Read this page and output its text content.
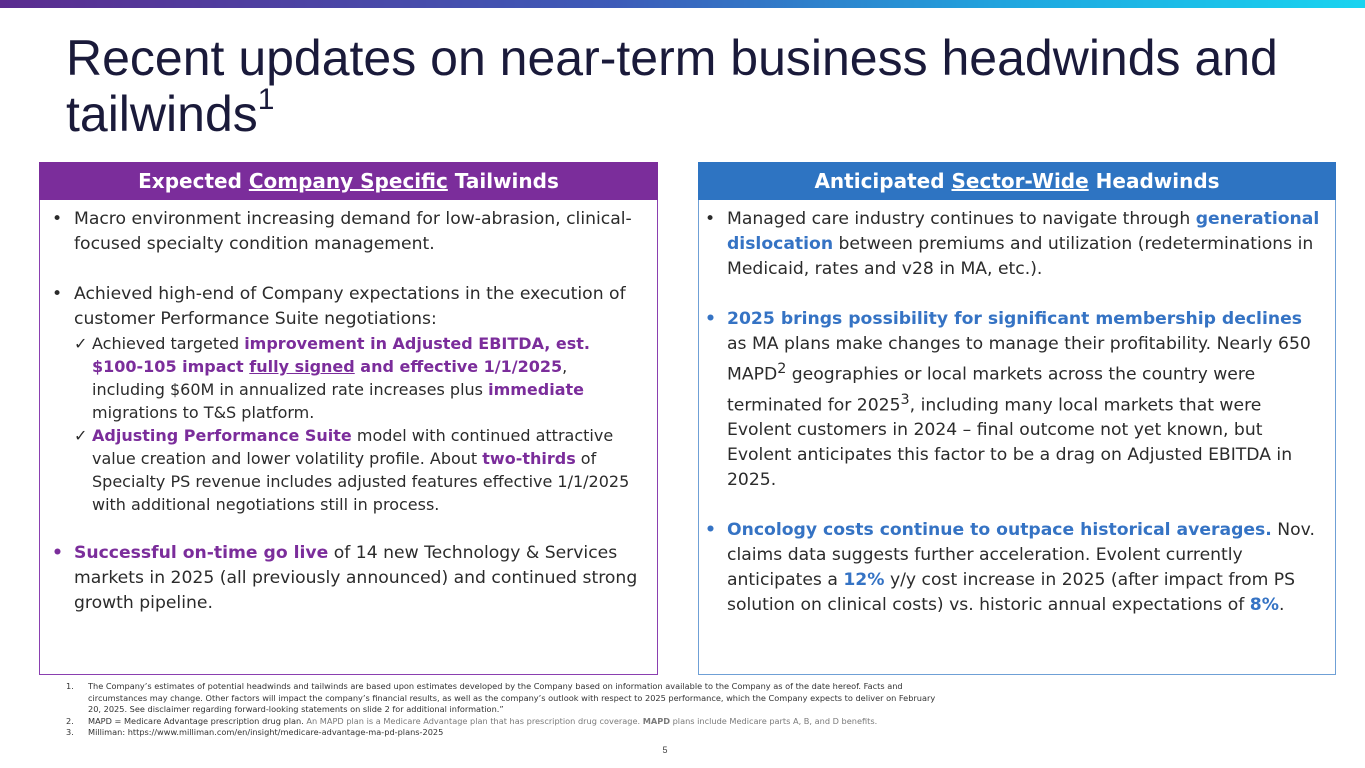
Recent updates on near-term business headwinds and tailwinds$^1$
Expected Company Specific Tailwinds
• Macro environment increasing demand for low-abrasion, clinical-focused specialty condition management.
• Achieved high-end of Company expectations in the execution of customer Performance Suite negotiations:
✓ Achieved targeted improvement in Adjusted EBITDA, est. $100-105 impact fully signed and effective 1/1/2025, including $60M in annualized rate increases plus immediate migrations to T&S platform.
✓ Adjusting Performance Suite model with continued attractive value creation and lower volatility profile. About two-thirds of Specialty PS revenue includes adjusted features effective 1/1/2025 with additional negotiations still in process.
• Successful on-time go live of 14 new Technology & Services markets in 2025 (all previously announced) and continued strong growth pipeline.
Anticipated Sector-Wide Headwinds
• Managed care industry continues to navigate through generational dislocation between premiums and utilization (redeterminations in Medicaid, rates and v28 in MA, etc.).
• 2025 brings possibility for significant membership declines as MA plans make changes to manage their profitability. Nearly 650 MAPD$^2$ geographies or local markets across the country were terminated for 2025$^3$, including many local markets that were Evolent customers in 2024 – final outcome not yet known, but Evolent anticipates this factor to be a drag on Adjusted EBITDA in 2025.
• Oncology costs continue to outpace historical averages. Nov. claims data suggests further acceleration. Evolent currently anticipates a 12% y/y cost increase in 2025 (after impact from PS solution on clinical costs) vs. historic annual expectations of 8%.
1.	The Company’s estimates of potential headwinds and tailwinds are based upon estimates developed by the Company based on information available to the Company as of the date hereof. Facts and circumstances may change. Other factors will impact the company’s financial results, as well as the company’s outlook with respect to 2025 performance, which the Company expects to deliver on February 20, 2025. See disclaimer regarding forward-looking statements on slide 2 for additional information.”
2.	MAPD = Medicare Advantage prescription drug plan. An MAPD plan is a Medicare Advantage plan that has prescription drug coverage. MAPD plans include Medicare parts A, B, and D benefits.
3.	Milliman: https://www.milliman.com/en/insight/medicare-advantage-ma-pd-plans-2025
5
